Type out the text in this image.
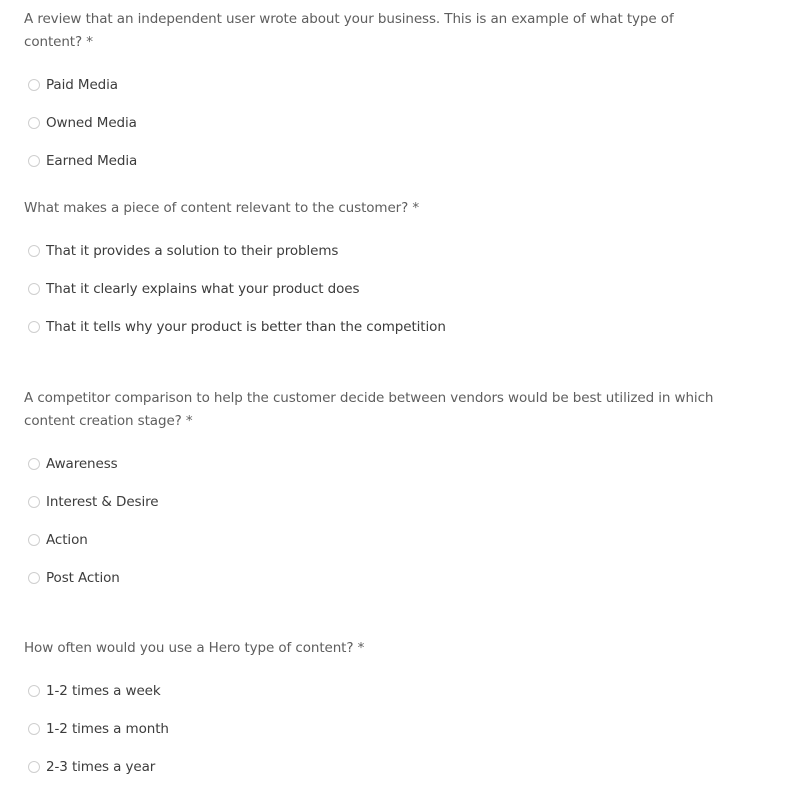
A review that an independent user wrote about your business. This is an example of what type of content? *

Paid Media
Owned Media
Earned Media

What makes a piece of content relevant to the customer? *

That it provides a solution to their problems
That it clearly explains what your product does
That it tells why your product is better than the competition

A competitor comparison to help the customer decide between vendors would be best utilized in which content creation stage? *

Awareness
Interest & Desire
Action
Post Action

How often would you use a Hero type of content? *

1-2 times a week
1-2 times a month
2-3 times a year
